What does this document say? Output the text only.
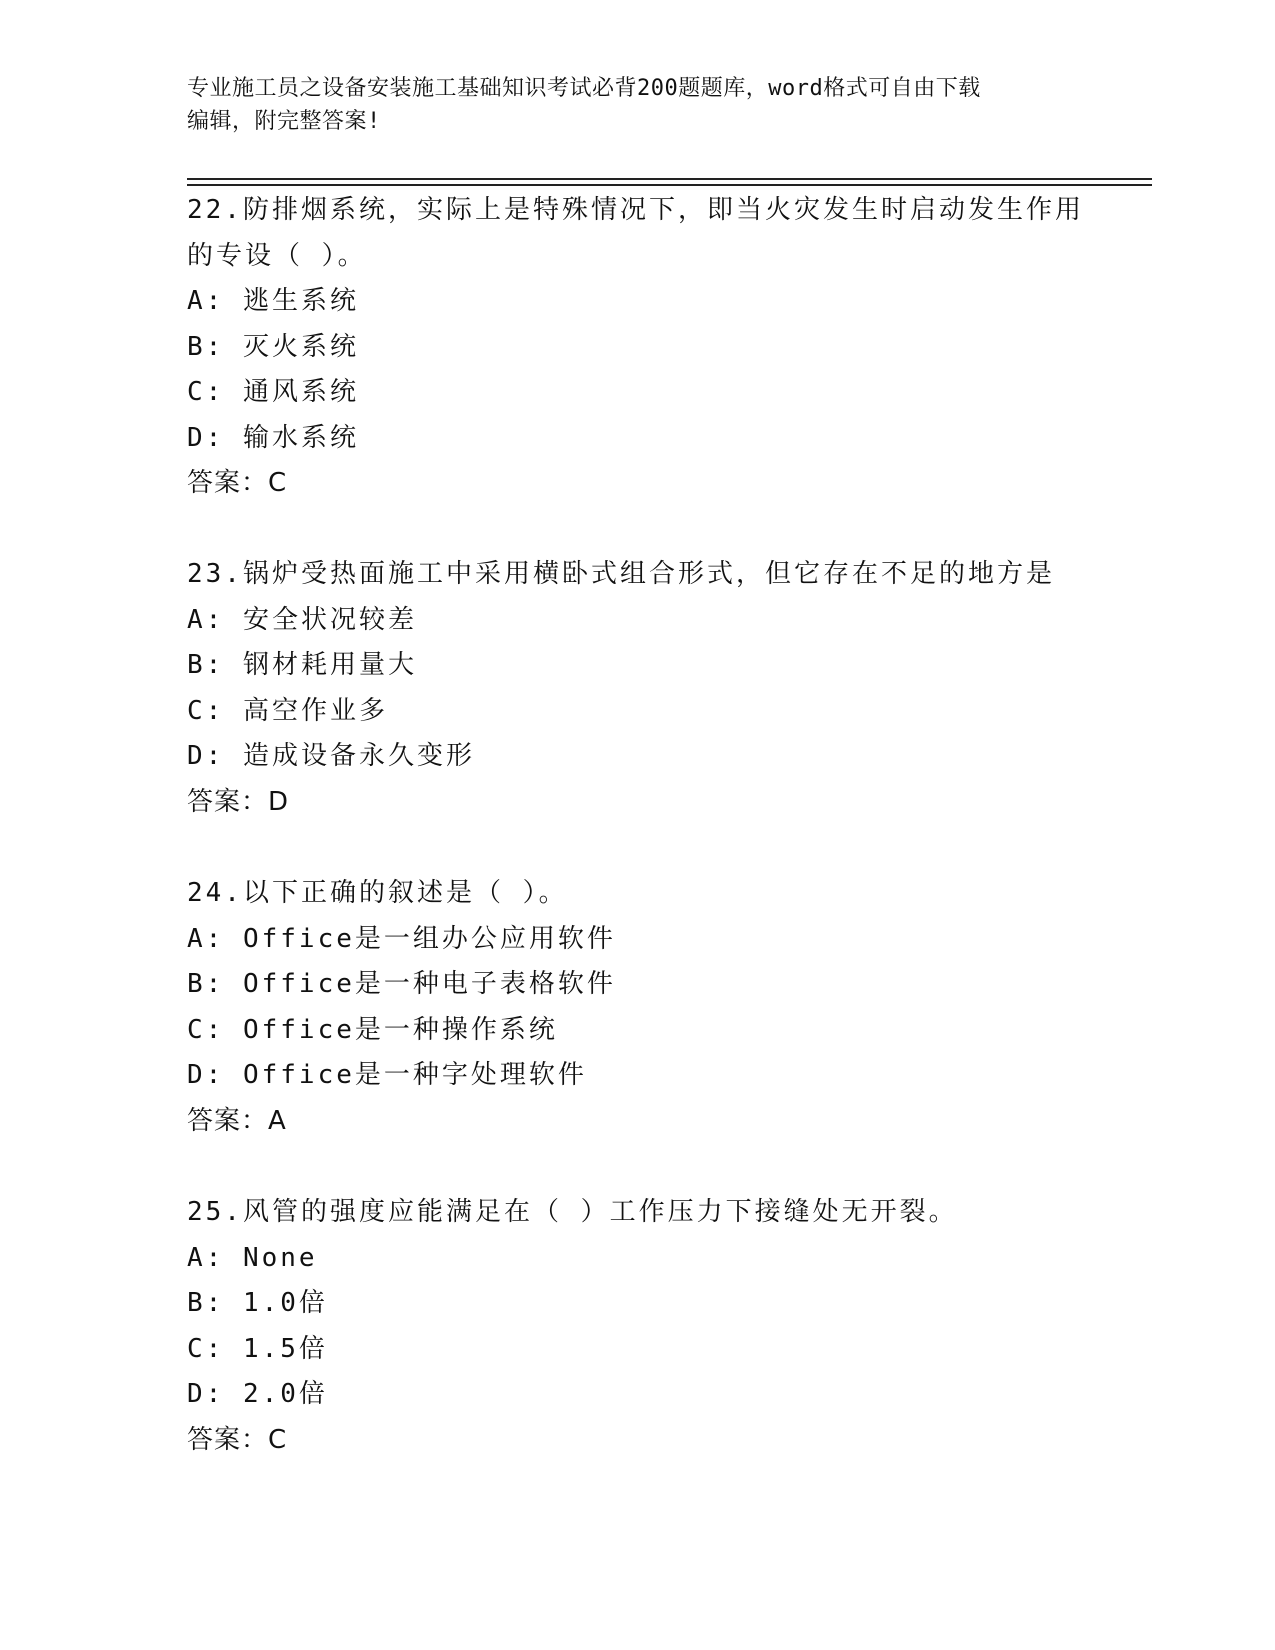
专业施工员之设备安装施工基础知识考试必背200题题库，word格式可自由下载
编辑，附完整答案!

22.防排烟系统，实际上是特殊情况下，即当火灾发生时启动发生作用

的专设（ ）。

A: 逃生系统

B: 灭火系统

C: 通风系统

D: 输水系统

答案：C

23.锅炉受热面施工中采用横卧式组合形式，但它存在不足的地方是

A: 安全状况较差

B: 钢材耗用量大

C: 高空作业多

D: 造成设备永久变形

答案：D

24.以下正确的叙述是（ ）。

A: Office是一组办公应用软件

B: Office是一种电子表格软件

C: Office是一种操作系统

D: Office是一种字处理软件

答案：A

25.风管的强度应能满足在（ ）工作压力下接缝处无开裂。

A: None

B: 1.0倍

C: 1.5倍

D: 2.0倍

答案：C
